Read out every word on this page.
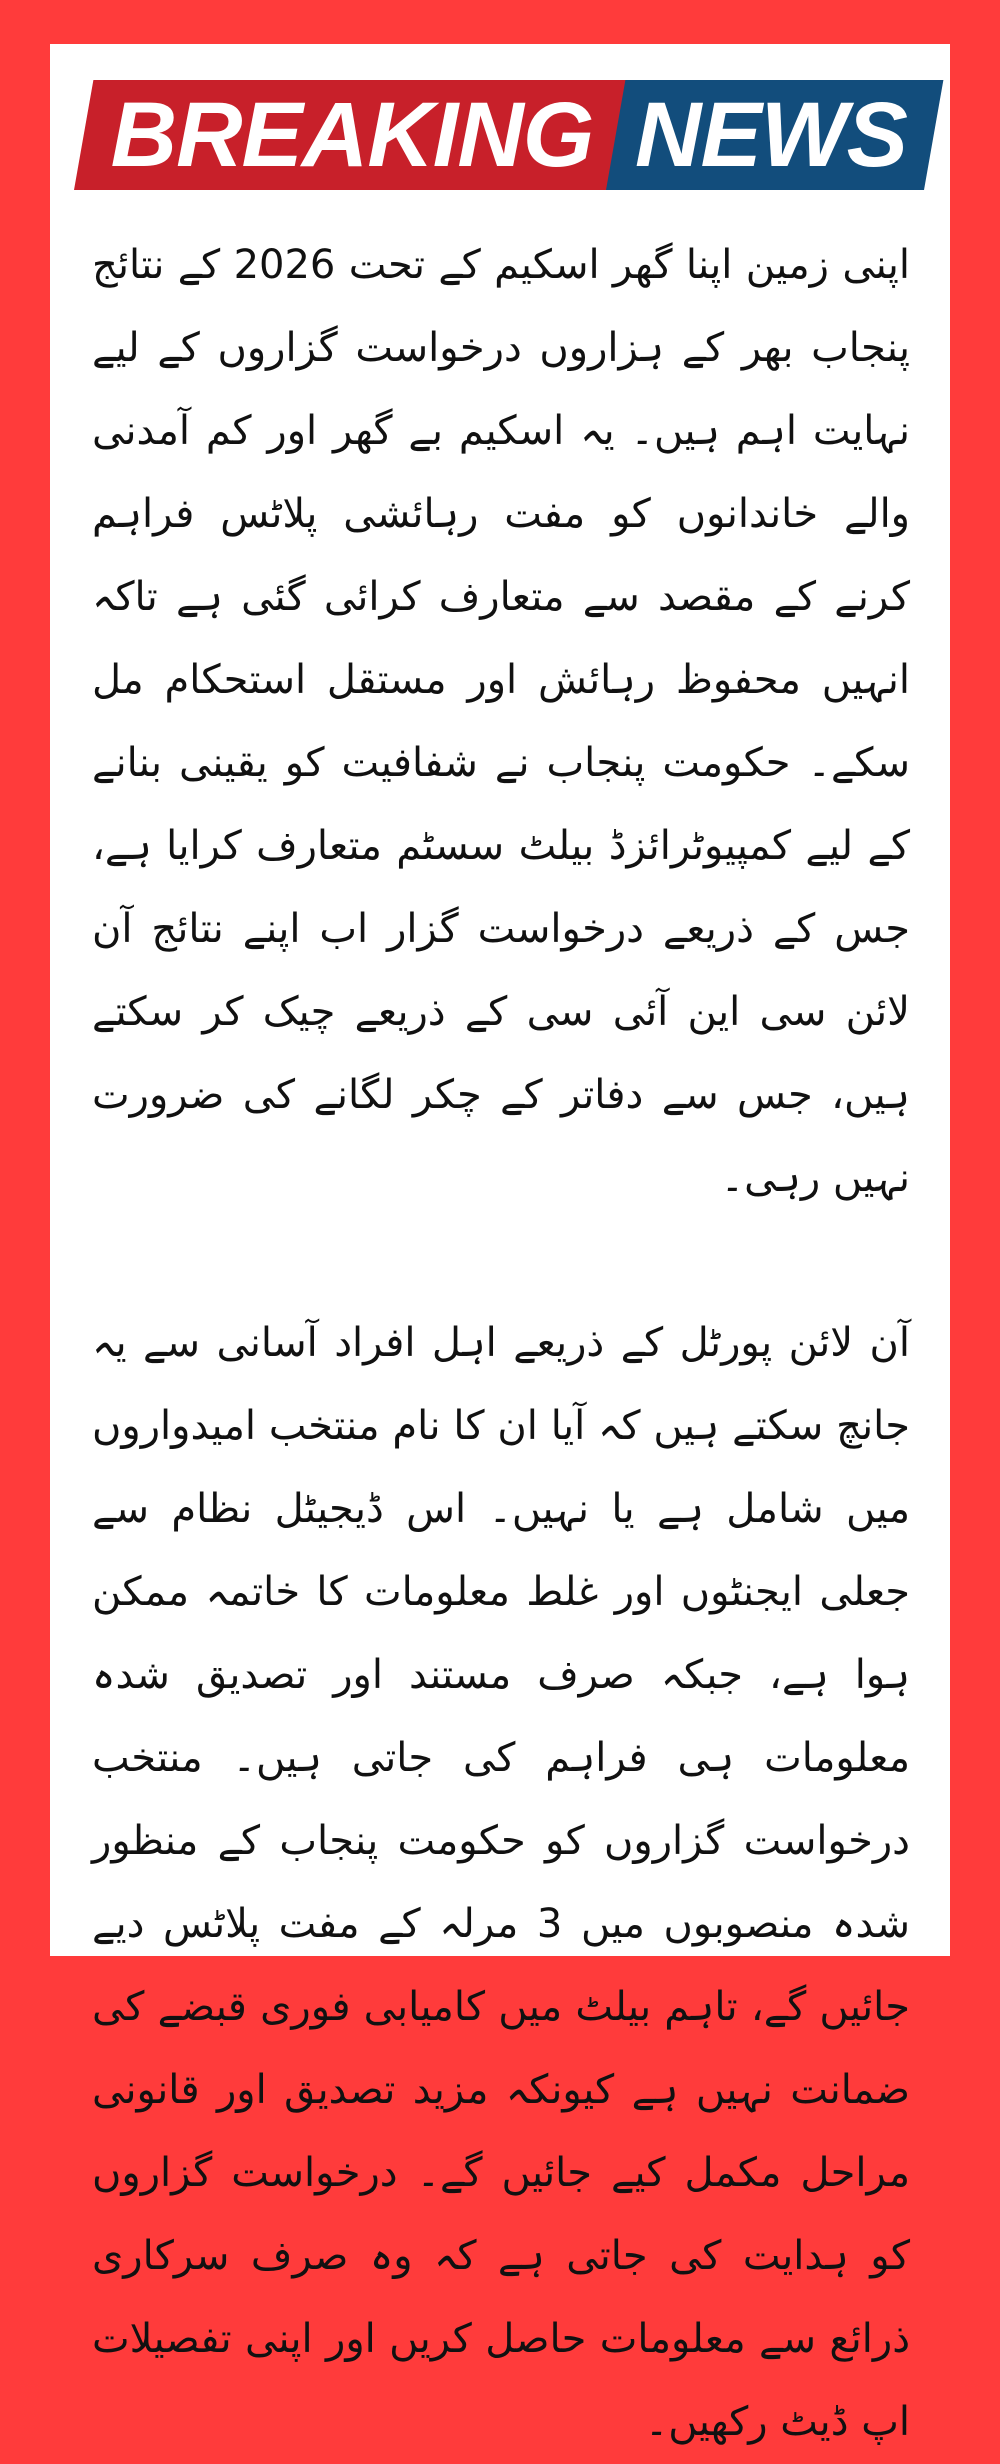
BREAKING NEWS

اپنی زمین اپنا گھر اسکیم کے تحت 2026 کے نتائج پنجاب بھر کے ہزاروں درخواست گزاروں کے لیے نہایت اہم ہیں۔ یہ اسکیم بے گھر اور کم آمدنی والے خاندانوں کو مفت رہائشی پلاٹس فراہم کرنے کے مقصد سے متعارف کرائی گئی ہے تاکہ انہیں محفوظ رہائش اور مستقل استحکام مل سکے۔ حکومت پنجاب نے شفافیت کو یقینی بنانے کے لیے کمپیوٹرائزڈ بیلٹ سسٹم متعارف کرایا ہے، جس کے ذریعے درخواست گزار اب اپنے نتائج آن لائن سی این آئی سی کے ذریعے چیک کر سکتے ہیں، جس سے دفاتر کے چکر لگانے کی ضرورت نہیں رہی۔

آن لائن پورٹل کے ذریعے اہل افراد آسانی سے یہ جانچ سکتے ہیں کہ آیا ان کا نام منتخب امیدواروں میں شامل ہے یا نہیں۔ اس ڈیجیٹل نظام سے جعلی ایجنٹوں اور غلط معلومات کا خاتمہ ممکن ہوا ہے، جبکہ صرف مستند اور تصدیق شدہ معلومات ہی فراہم کی جاتی ہیں۔ منتخب درخواست گزاروں کو حکومت پنجاب کے منظور شدہ منصوبوں میں 3 مرلہ کے مفت پلاٹس دیے جائیں گے، تاہم بیلٹ میں کامیابی فوری قبضے کی ضمانت نہیں ہے کیونکہ مزید تصدیق اور قانونی مراحل مکمل کیے جائیں گے۔ درخواست گزاروں کو ہدایت کی جاتی ہے کہ وہ صرف سرکاری ذرائع سے معلومات حاصل کریں اور اپنی تفصیلات اپ ڈیٹ رکھیں۔
